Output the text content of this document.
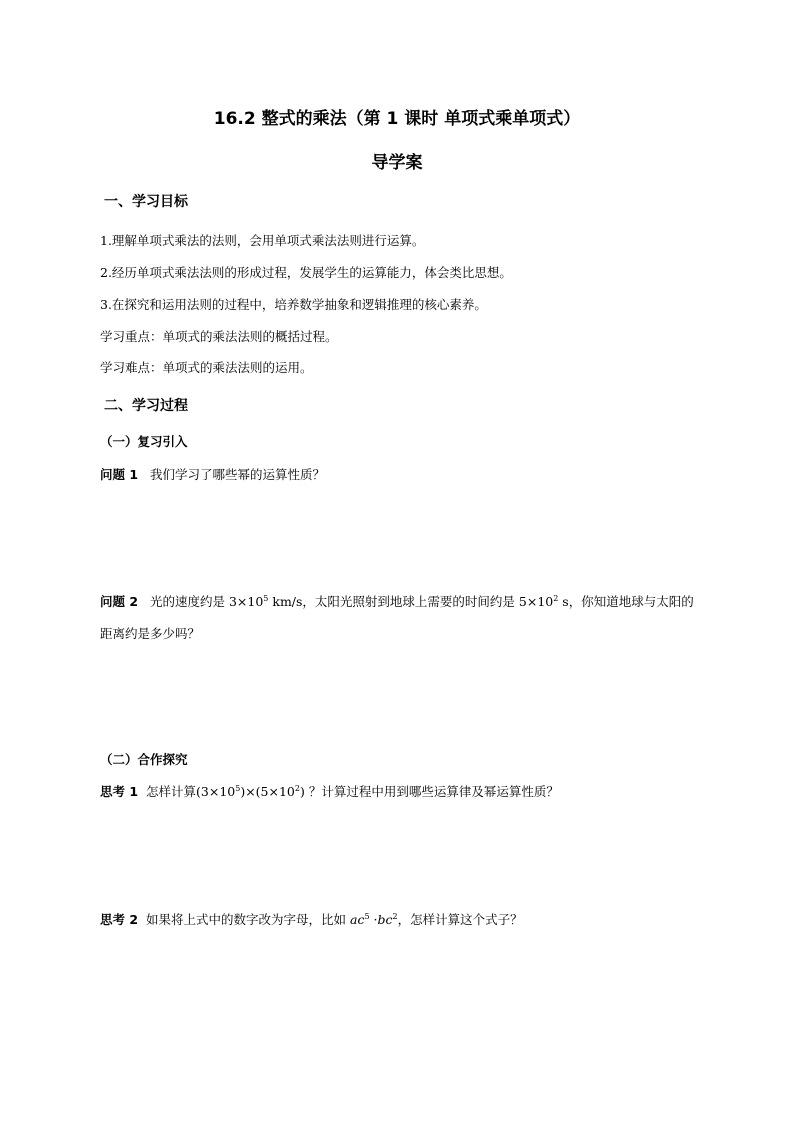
16.2 整式的乘法（第 1 课时 单项式乘单项式）
导学案
一、学习目标
1.理解单项式乘法的法则，会用单项式乘法法则进行运算。
2.经历单项式乘法法则的形成过程，发展学生的运算能力，体会类比思想。
3.在探究和运用法则的过程中，培养数学抽象和逻辑推理的核心素养。
学习重点：单项式的乘法法则的概括过程。
学习难点：单项式的乘法法则的运用。
二、学习过程
（一）复习引入
问题 1 我们学习了哪些幂的运算性质？
问题 2 光的速度约是 $3\times 10^5$ km/s，太阳光照射到地球上需要的时间约是 $5\times 10^2$ s，你知道地球与太阳的
距离约是多少吗？
（二）合作探究
思考 1 怎样计算$(3\times 10^5)\times(5\times 10^2)$ ？计算过程中用到哪些运算律及幂运算性质？
思考 2 如果将上式中的数字改为字母，比如 $ac^5 \cdot bc^2$，怎样计算这个式子？
